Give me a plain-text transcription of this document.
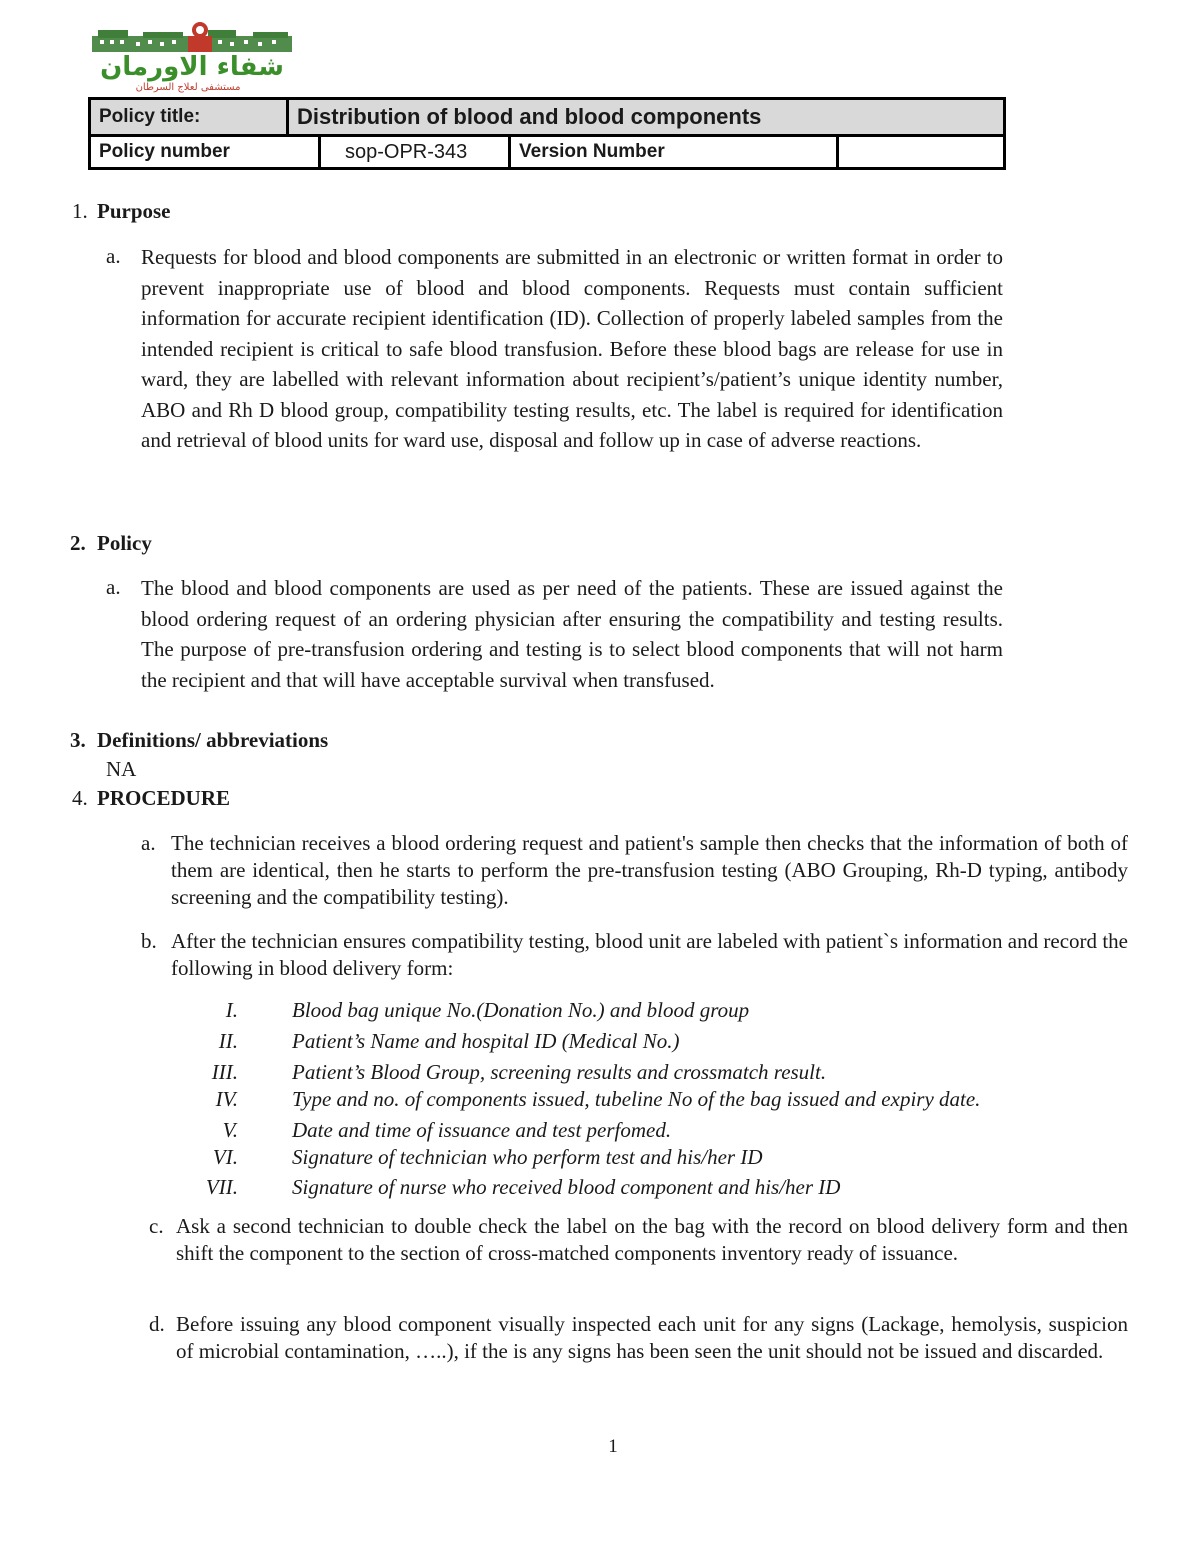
شفاء الاورمان
مستشفى لعلاج السرطان
Policy title:	Distribution of blood and blood components
Policy number	sop-OPR-343	Version Number
1. Purpose
a. Requests for blood and blood components are submitted in an electronic or written format in order to prevent inappropriate use of blood and blood components. Requests must contain sufficient information for accurate recipient identification (ID). Collection of properly labeled samples from the intended recipient is critical to safe blood transfusion. Before these blood bags are release for use in ward, they are labelled with relevant information about recipient’s/patient’s unique identity number, ABO and Rh D blood group, compatibility testing results, etc. The label is required for identification and retrieval of blood units for ward use, disposal and follow up in case of adverse reactions.
2. Policy
a. The blood and blood components are used as per need of the patients. These are issued against the blood ordering request of an ordering physician after ensuring the compatibility and testing results. The purpose of pre-transfusion ordering and testing is to select blood components that will not harm the recipient and that will have acceptable survival when transfused.
3. Definitions/ abbreviations
NA
4. PROCEDURE
a. The technician receives a blood ordering request and patient's sample then checks that the information of both of them are identical, then he starts to perform the pre-transfusion testing (ABO Grouping, Rh-D typing, antibody screening and the compatibility testing).
b. After the technician ensures compatibility testing, blood unit are labeled with patient`s information and record the following in blood delivery form:
I.	Blood bag unique No.(Donation No.) and blood group
II.	Patient’s Name and hospital ID (Medical No.)
III.	Patient’s Blood Group, screening results and crossmatch result.
IV.	Type and no. of components issued, tubeline No of the bag issued and expiry date.
V.	Date and time of issuance and test perfomed.
VI.	Signature of technician who perform test and his/her ID
VII.	Signature of nurse who received blood component and his/her ID
c. Ask a second technician to double check the label on the bag with the record on blood delivery form and then shift the component to the section of cross-matched components inventory ready of issuance.
d. Before issuing any blood component visually inspected each unit for any signs (Lackage, hemolysis, suspicion of microbial contamination, …..), if the is any signs has been seen the unit should not be issued and discarded.
1
